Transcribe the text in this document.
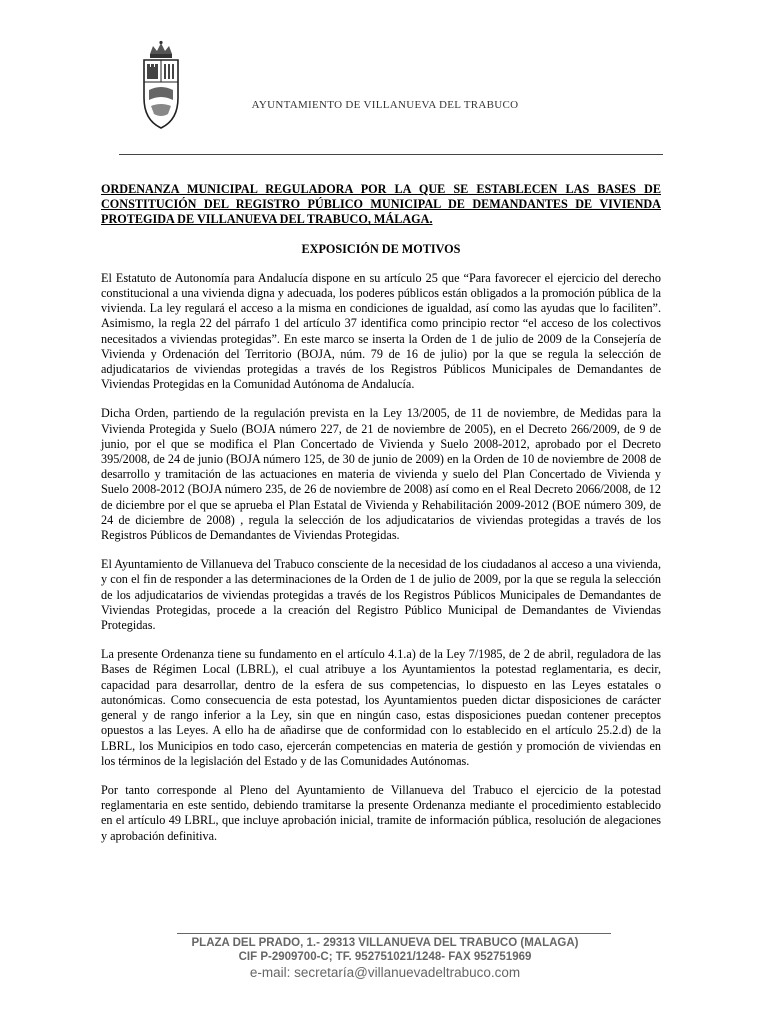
AYUNTAMIENTO DE VILLANUEVA DEL TRABUCO

ORDENANZA MUNICIPAL REGULADORA POR LA QUE SE ESTABLECEN LAS BASES DE CONSTITUCIÓN DEL REGISTRO PÚBLICO MUNICIPAL DE DEMANDANTES DE VIVIENDA PROTEGIDA DE VILLANUEVA DEL TRABUCO, MÁLAGA.

EXPOSICIÓN DE MOTIVOS

El Estatuto de Autonomía para Andalucía dispone en su artículo 25 que “Para favorecer el ejercicio del derecho constitucional a una vivienda digna y adecuada, los poderes públicos están obligados a la promoción pública de la vivienda. La ley regulará el acceso a la misma en condiciones de igualdad, así como las ayudas que lo faciliten”. Asimismo, la regla 22 del párrafo 1 del artículo 37 identifica como principio rector “el acceso de los colectivos necesitados a viviendas protegidas”. En este marco se inserta la Orden de 1 de julio de 2009 de la Consejería de Vivienda y Ordenación del Territorio (BOJA, núm. 79 de 16 de julio) por la que se regula la selección de adjudicatarios de viviendas protegidas a través de los Registros Públicos Municipales de Demandantes de Viviendas Protegidas en la Comunidad Autónoma de Andalucía.

Dicha Orden, partiendo de la regulación prevista en la Ley 13/2005, de 11 de noviembre, de Medidas para la Vivienda Protegida y Suelo (BOJA número 227, de 21 de noviembre de 2005), en el Decreto 266/2009, de 9 de junio, por el que se modifica el Plan Concertado de Vivienda y Suelo 2008-2012, aprobado por el Decreto 395/2008, de 24 de junio (BOJA número 125, de 30 de junio de 2009) en la Orden de 10 de noviembre de 2008 de desarrollo y tramitación de las actuaciones en materia de vivienda y suelo del Plan Concertado de Vivienda y Suelo 2008-2012 (BOJA número 235, de 26 de noviembre de 2008) así como en el Real Decreto 2066/2008, de 12 de diciembre por el que se aprueba el Plan Estatal de Vivienda y Rehabilitación 2009-2012 (BOE número 309, de 24 de diciembre de 2008) , regula la selección de los adjudicatarios de viviendas protegidas a través de los Registros Públicos de Demandantes de Viviendas Protegidas.

El Ayuntamiento de Villanueva del Trabuco consciente de la necesidad de los ciudadanos al acceso a una vivienda, y con el fin de responder a las determinaciones de la Orden de 1 de julio de 2009, por la que se regula la selección de los adjudicatarios de viviendas protegidas a través de los Registros Públicos Municipales de Demandantes de Viviendas Protegidas, procede a la creación del Registro Público Municipal de Demandantes de Viviendas Protegidas.

La presente Ordenanza tiene su fundamento en el artículo 4.1.a) de la Ley 7/1985, de 2 de abril, reguladora de las Bases de Régimen Local (LBRL), el cual atribuye a los Ayuntamientos la potestad reglamentaria, es decir, capacidad para desarrollar, dentro de la esfera de sus competencias, lo dispuesto en las Leyes estatales o autonómicas. Como consecuencia de esta potestad, los Ayuntamientos pueden dictar disposiciones de carácter general y de rango inferior a la Ley, sin que en ningún caso, estas disposiciones puedan contener preceptos opuestos a las Leyes. A ello ha de añadirse que de conformidad con lo establecido en el artículo 25.2.d) de la LBRL, los Municipios en todo caso, ejercerán competencias en materia de gestión y promoción de viviendas en los términos de la legislación del Estado y de las Comunidades Autónomas.

Por tanto corresponde al Pleno del Ayuntamiento de Villanueva del Trabuco el ejercicio de la potestad reglamentaria en este sentido, debiendo tramitarse la presente Ordenanza mediante el procedimiento establecido en el artículo 49 LBRL, que incluye aprobación inicial, tramite de información pública, resolución de alegaciones y aprobación definitiva.

PLAZA DEL PRADO, 1.- 29313 VILLANUEVA DEL TRABUCO (MALAGA)
CIF P-2909700-C; TF. 952751021/1248- FAX 952751969
e-mail: secretaría@villanuevadeltrabuco.com
